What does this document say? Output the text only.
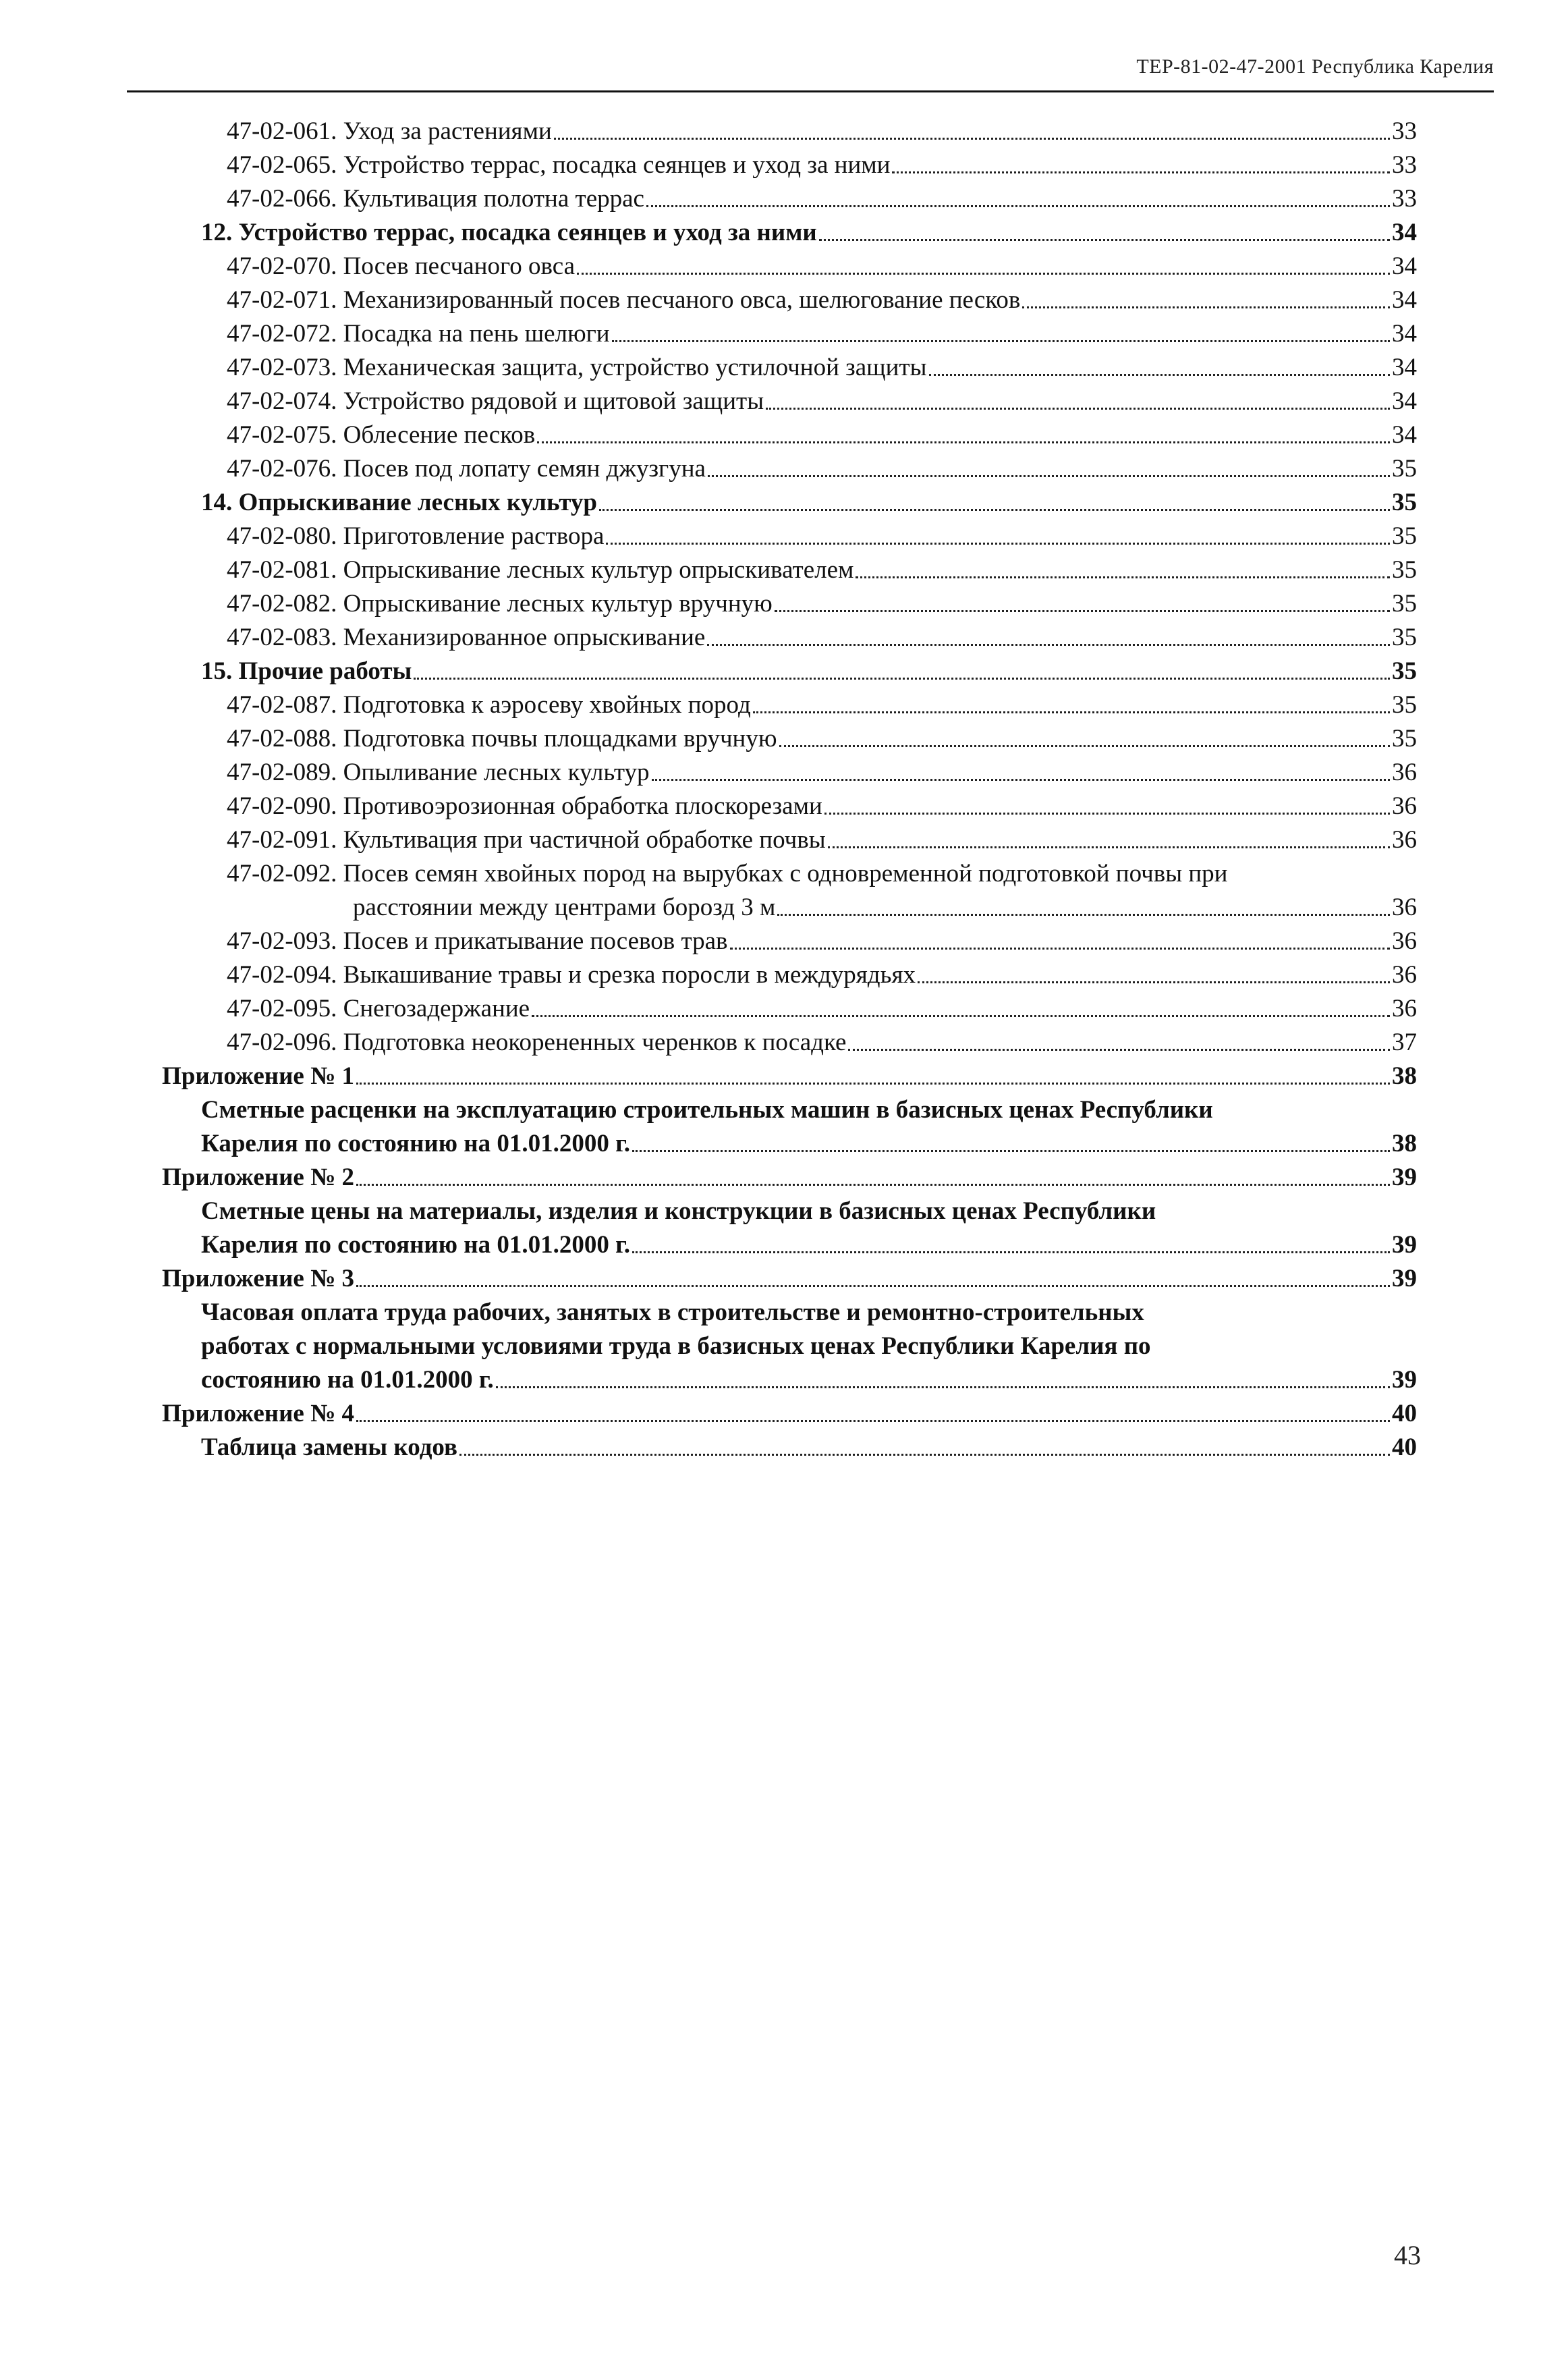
ТЕР-81-02-47-2001 Республика Карелия
47-02-061. Уход за растениями	33
47-02-065. Устройство террас, посадка сеянцев и уход за ними	33
47-02-066. Культивация полотна террас	33
12. Устройство террас, посадка сеянцев и уход за ними	34
47-02-070. Посев песчаного овса	34
47-02-071. Механизированный посев песчаного овса, шелюгование песков	34
47-02-072. Посадка на пень шелюги	34
47-02-073. Механическая защита, устройство устилочной защиты	34
47-02-074. Устройство рядовой и щитовой защиты	34
47-02-075. Облесение песков	34
47-02-076. Посев под лопату семян джузгуна	35
14. Опрыскивание лесных культур	35
47-02-080. Приготовление раствора	35
47-02-081. Опрыскивание лесных культур опрыскивателем	35
47-02-082. Опрыскивание лесных культур вручную	35
47-02-083. Механизированное опрыскивание	35
15. Прочие работы	35
47-02-087. Подготовка к аэросеву хвойных пород	35
47-02-088. Подготовка почвы площадками вручную	35
47-02-089. Опыливание лесных культур	36
47-02-090. Противоэрозионная обработка плоскорезами	36
47-02-091. Культивация при частичной обработке почвы	36
47-02-092. Посев семян хвойных пород на вырубках с одновременной подготовкой почвы при
расстоянии между центрами борозд 3 м	36
47-02-093. Посев и прикатывание посевов трав	36
47-02-094. Выкашивание травы и срезка поросли в междурядьях	36
47-02-095. Снегозадержание	36
47-02-096. Подготовка неокорененных черенков к посадке	37
Приложение № 1	38
Сметные расценки на эксплуатацию строительных машин в базисных ценах Республики
Карелия по состоянию на 01.01.2000 г.	38
Приложение № 2	39
Сметные цены на материалы, изделия и конструкции в базисных ценах Республики
Карелия по состоянию на 01.01.2000 г.	39
Приложение № 3	39
Часовая оплата труда рабочих, занятых в строительстве и ремонтно-строительных
работах с нормальными условиями труда в базисных ценах Республики Карелия по
состоянию на 01.01.2000 г.	39
Приложение № 4	40
Таблица замены кодов	40
43
